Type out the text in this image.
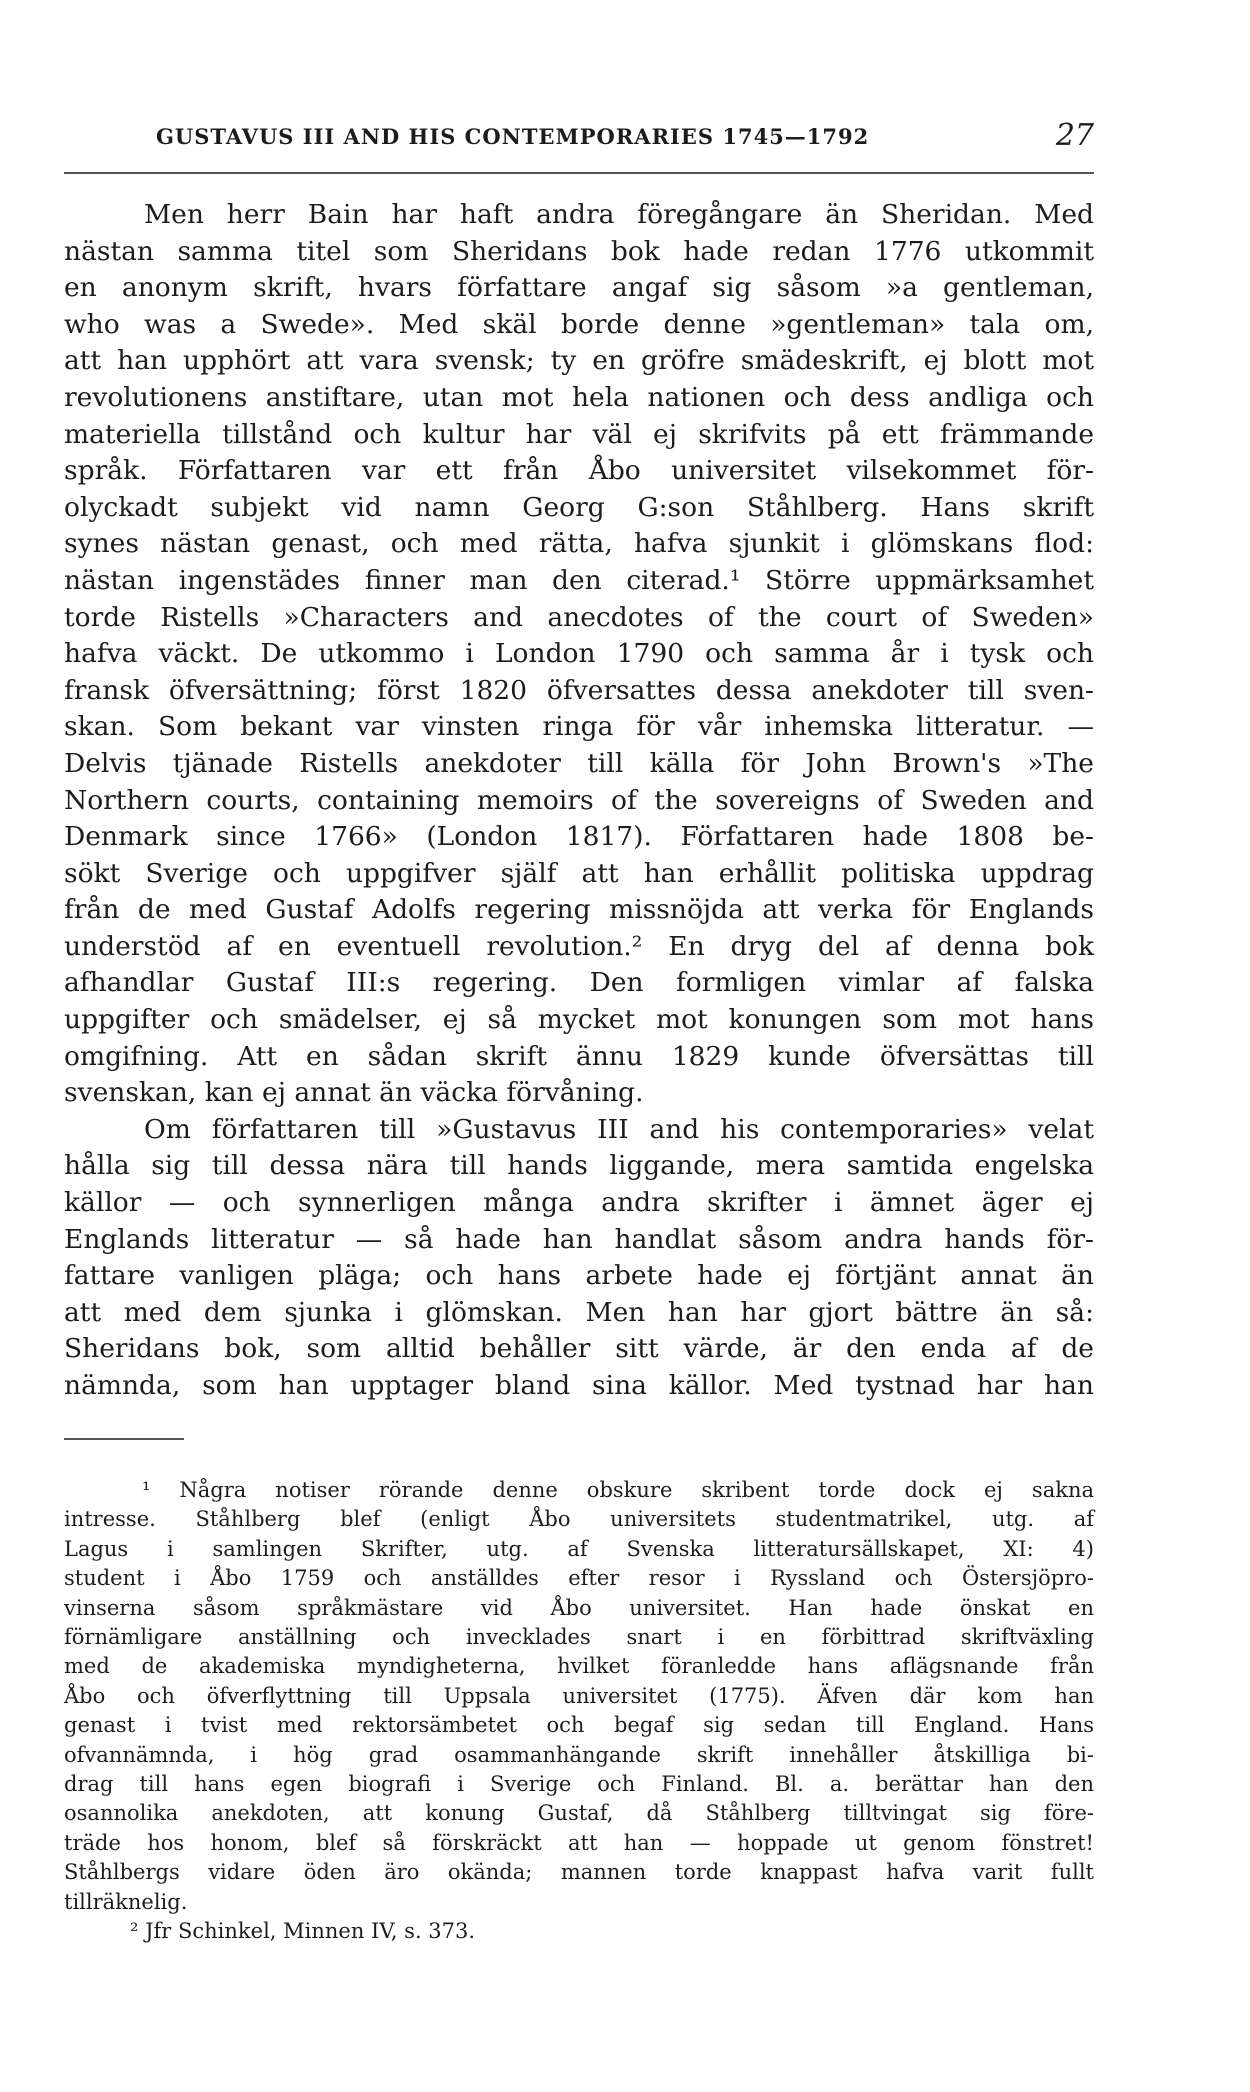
GUSTAVUS III AND HIS CONTEMPORARIES 1745—1792	27
Men herr Bain har haft andra föregångare än Sheridan. Med
nästan samma titel som Sheridans bok hade redan 1776 utkommit
en anonym skrift, hvars författare angaf sig såsom »a gentleman,
who was a Swede». Med skäl borde denne »gentleman» tala om,
att han upphört att vara svensk; ty en gröfre smädeskrift, ej blott mot
revolutionens anstiftare, utan mot hela nationen och dess andliga och
materiella tillstånd och kultur har väl ej skrifvits på ett främmande
språk. Författaren var ett från Åbo universitet vilsekommet för-
olyckadt subjekt vid namn Georg G:son Ståhlberg. Hans skrift
synes nästan genast, och med rätta, hafva sjunkit i glömskans flod:
nästan ingenstädes finner man den citerad.¹ Större uppmärksamhet
torde Ristells »Characters and anecdotes of the court of Sweden»
hafva väckt. De utkommo i London 1790 och samma år i tysk och
fransk öfversättning; först 1820 öfversattes dessa anekdoter till sven-
skan. Som bekant var vinsten ringa för vår inhemska litteratur. —
Delvis tjänade Ristells anekdoter till källa för John Brown's »The
Northern courts, containing memoirs of the sovereigns of Sweden and
Denmark since 1766» (London 1817). Författaren hade 1808 be-
sökt Sverige och uppgifver själf att han erhållit politiska uppdrag
från de med Gustaf Adolfs regering missnöjda att verka för Englands
understöd af en eventuell revolution.² En dryg del af denna bok
afhandlar Gustaf III:s regering. Den formligen vimlar af falska
uppgifter och smädelser, ej så mycket mot konungen som mot hans
omgifning. Att en sådan skrift ännu 1829 kunde öfversättas till
svenskan, kan ej annat än väcka förvåning.
Om författaren till »Gustavus III and his contemporaries» velat
hålla sig till dessa nära till hands liggande, mera samtida engelska
källor — och synnerligen många andra skrifter i ämnet äger ej
Englands litteratur — så hade han handlat såsom andra hands för-
fattare vanligen pläga; och hans arbete hade ej förtjänt annat än
att med dem sjunka i glömskan. Men han har gjort bättre än så:
Sheridans bok, som alltid behåller sitt värde, är den enda af de
nämnda, som han upptager bland sina källor. Med tystnad har han
¹ Några notiser rörande denne obskure skribent torde dock ej sakna
intresse. Ståhlberg blef (enligt Åbo universitets studentmatrikel, utg. af
Lagus i samlingen Skrifter, utg. af Svenska litteratursällskapet, XI: 4)
student i Åbo 1759 och anställdes efter resor i Ryssland och Östersjöpro-
vinserna såsom språkmästare vid Åbo universitet. Han hade önskat en
förnämligare anställning och invecklades snart i en förbittrad skriftväxling
med de akademiska myndigheterna, hvilket föranledde hans aflägsnande från
Åbo och öfverflyttning till Uppsala universitet (1775). Äfven där kom han
genast i tvist med rektorsämbetet och begaf sig sedan till England. Hans
ofvannämnda, i hög grad osammanhängande skrift innehåller åtskilliga bi-
drag till hans egen biografi i Sverige och Finland. Bl. a. berättar han den
osannolika anekdoten, att konung Gustaf, då Ståhlberg tilltvingat sig före-
träde hos honom, blef så förskräckt att han — hoppade ut genom fönstret!
Ståhlbergs vidare öden äro okända; mannen torde knappast hafva varit fullt
tillräknelig.
² Jfr Schinkel, Minnen IV, s. 373.
